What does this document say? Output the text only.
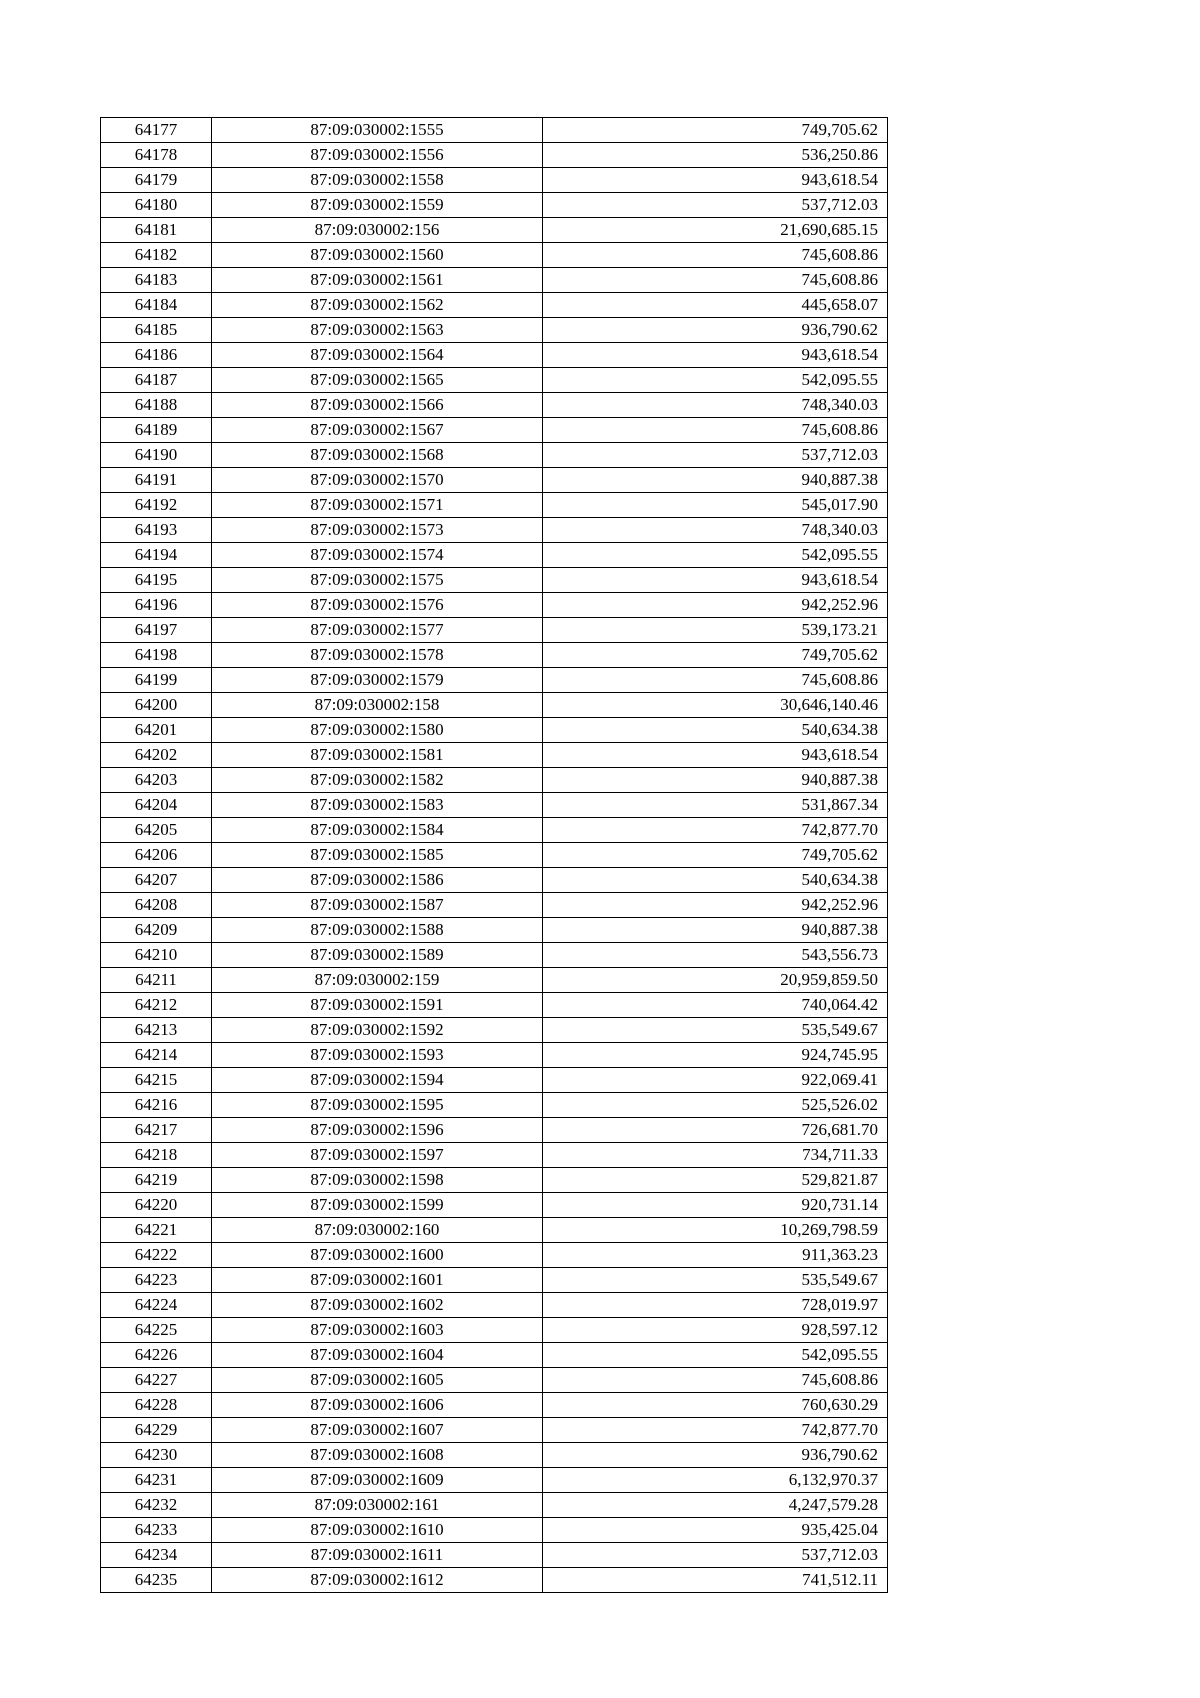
64177	87:09:030002:1555	749,705.62
64178	87:09:030002:1556	536,250.86
64179	87:09:030002:1558	943,618.54
64180	87:09:030002:1559	537,712.03
64181	87:09:030002:156	21,690,685.15
64182	87:09:030002:1560	745,608.86
64183	87:09:030002:1561	745,608.86
64184	87:09:030002:1562	445,658.07
64185	87:09:030002:1563	936,790.62
64186	87:09:030002:1564	943,618.54
64187	87:09:030002:1565	542,095.55
64188	87:09:030002:1566	748,340.03
64189	87:09:030002:1567	745,608.86
64190	87:09:030002:1568	537,712.03
64191	87:09:030002:1570	940,887.38
64192	87:09:030002:1571	545,017.90
64193	87:09:030002:1573	748,340.03
64194	87:09:030002:1574	542,095.55
64195	87:09:030002:1575	943,618.54
64196	87:09:030002:1576	942,252.96
64197	87:09:030002:1577	539,173.21
64198	87:09:030002:1578	749,705.62
64199	87:09:030002:1579	745,608.86
64200	87:09:030002:158	30,646,140.46
64201	87:09:030002:1580	540,634.38
64202	87:09:030002:1581	943,618.54
64203	87:09:030002:1582	940,887.38
64204	87:09:030002:1583	531,867.34
64205	87:09:030002:1584	742,877.70
64206	87:09:030002:1585	749,705.62
64207	87:09:030002:1586	540,634.38
64208	87:09:030002:1587	942,252.96
64209	87:09:030002:1588	940,887.38
64210	87:09:030002:1589	543,556.73
64211	87:09:030002:159	20,959,859.50
64212	87:09:030002:1591	740,064.42
64213	87:09:030002:1592	535,549.67
64214	87:09:030002:1593	924,745.95
64215	87:09:030002:1594	922,069.41
64216	87:09:030002:1595	525,526.02
64217	87:09:030002:1596	726,681.70
64218	87:09:030002:1597	734,711.33
64219	87:09:030002:1598	529,821.87
64220	87:09:030002:1599	920,731.14
64221	87:09:030002:160	10,269,798.59
64222	87:09:030002:1600	911,363.23
64223	87:09:030002:1601	535,549.67
64224	87:09:030002:1602	728,019.97
64225	87:09:030002:1603	928,597.12
64226	87:09:030002:1604	542,095.55
64227	87:09:030002:1605	745,608.86
64228	87:09:030002:1606	760,630.29
64229	87:09:030002:1607	742,877.70
64230	87:09:030002:1608	936,790.62
64231	87:09:030002:1609	6,132,970.37
64232	87:09:030002:161	4,247,579.28
64233	87:09:030002:1610	935,425.04
64234	87:09:030002:1611	537,712.03
64235	87:09:030002:1612	741,512.11
